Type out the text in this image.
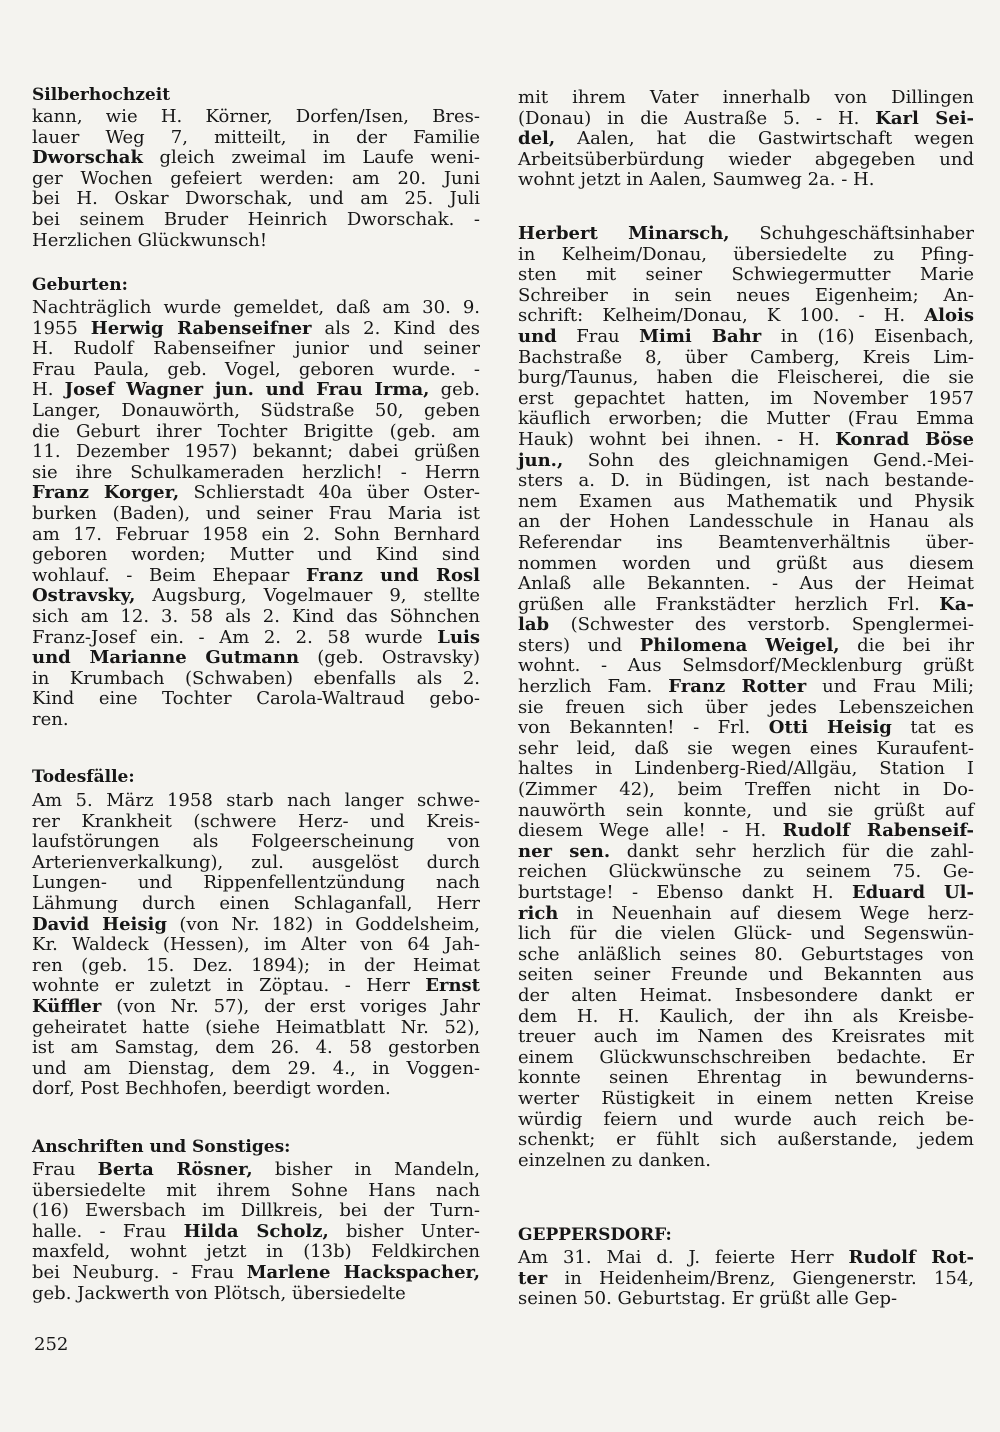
Silberhochzeit
kann, wie H. Körner, Dorfen/Isen, Bres-
lauer Weg 7, mitteilt, in der Familie
Dworschak gleich zweimal im Laufe weni-
ger Wochen gefeiert werden: am 20. Juni
bei H. Oskar Dworschak, und am 25. Juli
bei seinem Bruder Heinrich Dworschak. -
Herzlichen Glückwunsch!
Geburten:
Nachträglich wurde gemeldet, daß am 30. 9.
1955 Herwig Rabenseifner als 2. Kind des
H. Rudolf Rabenseifner junior und seiner
Frau Paula, geb. Vogel, geboren wurde. -
H. Josef Wagner jun. und Frau Irma, geb.
Langer, Donauwörth, Südstraße 50, geben
die Geburt ihrer Tochter Brigitte (geb. am
11. Dezember 1957) bekannt; dabei grüßen
sie ihre Schulkameraden herzlich! - Herrn
Franz Korger, Schlierstadt 40a über Oster-
burken (Baden), und seiner Frau Maria ist
am 17. Februar 1958 ein 2. Sohn Bernhard
geboren worden; Mutter und Kind sind
wohlauf. - Beim Ehepaar Franz und Rosl
Ostravsky, Augsburg, Vogelmauer 9, stellte
sich am 12. 3. 58 als 2. Kind das Söhnchen
Franz-Josef ein. - Am 2. 2. 58 wurde Luis
und Marianne Gutmann (geb. Ostravsky)
in Krumbach (Schwaben) ebenfalls als 2.
Kind eine Tochter Carola-Waltraud gebo-
ren.
Todesfälle:
Am 5. März 1958 starb nach langer schwe-
rer Krankheit (schwere Herz- und Kreis-
laufstörungen als Folgeerscheinung von
Arterienverkalkung), zul. ausgelöst durch
Lungen- und Rippenfellentzündung nach
Lähmung durch einen Schlaganfall, Herr
David Heisig (von Nr. 182) in Goddelsheim,
Kr. Waldeck (Hessen), im Alter von 64 Jah-
ren (geb. 15. Dez. 1894); in der Heimat
wohnte er zuletzt in Zöptau. - Herr Ernst
Küffler (von Nr. 57), der erst voriges Jahr
geheiratet hatte (siehe Heimatblatt Nr. 52),
ist am Samstag, dem 26. 4. 58 gestorben
und am Dienstag, dem 29. 4., in Voggen-
dorf, Post Bechhofen, beerdigt worden.
Anschriften und Sonstiges:
Frau Berta Rösner, bisher in Mandeln,
übersiedelte mit ihrem Sohne Hans nach
(16) Ewersbach im Dillkreis, bei der Turn-
halle. - Frau Hilda Scholz, bisher Unter-
maxfeld, wohnt jetzt in (13b) Feldkirchen
bei Neuburg. - Frau Marlene Hackspacher,
geb. Jackwerth von Plötsch, übersiedelte
mit ihrem Vater innerhalb von Dillingen
(Donau) in die Austraße 5. - H. Karl Sei-
del, Aalen, hat die Gastwirtschaft wegen
Arbeitsüberbürdung wieder abgegeben und
wohnt jetzt in Aalen, Saumweg 2a. - H.
Herbert Minarsch, Schuhgeschäftsinhaber
in Kelheim/Donau, übersiedelte zu Pfing-
sten mit seiner Schwiegermutter Marie
Schreiber in sein neues Eigenheim; An-
schrift: Kelheim/Donau, K 100. - H. Alois
und Frau Mimi Bahr in (16) Eisenbach,
Bachstraße 8, über Camberg, Kreis Lim-
burg/Taunus, haben die Fleischerei, die sie
erst gepachtet hatten, im November 1957
käuflich erworben; die Mutter (Frau Emma
Hauk) wohnt bei ihnen. - H. Konrad Böse
jun., Sohn des gleichnamigen Gend.-Mei-
sters a. D. in Büdingen, ist nach bestande-
nem Examen aus Mathematik und Physik
an der Hohen Landesschule in Hanau als
Referendar ins Beamtenverhältnis über-
nommen worden und grüßt aus diesem
Anlaß alle Bekannten. - Aus der Heimat
grüßen alle Frankstädter herzlich Frl. Ka-
lab (Schwester des verstorb. Spenglermei-
sters) und Philomena Weigel, die bei ihr
wohnt. - Aus Selmsdorf/Mecklenburg grüßt
herzlich Fam. Franz Rotter und Frau Mili;
sie freuen sich über jedes Lebenszeichen
von Bekannten! - Frl. Otti Heisig tat es
sehr leid, daß sie wegen eines Kuraufent-
haltes in Lindenberg-Ried/Allgäu, Station I
(Zimmer 42), beim Treffen nicht in Do-
nauwörth sein konnte, und sie grüßt auf
diesem Wege alle! - H. Rudolf Rabenseif-
ner sen. dankt sehr herzlich für die zahl-
reichen Glückwünsche zu seinem 75. Ge-
burtstage! - Ebenso dankt H. Eduard Ul-
rich in Neuenhain auf diesem Wege herz-
lich für die vielen Glück- und Segenswün-
sche anläßlich seines 80. Geburtstages von
seiten seiner Freunde und Bekannten aus
der alten Heimat. Insbesondere dankt er
dem H. H. Kaulich, der ihn als Kreisbe-
treuer auch im Namen des Kreisrates mit
einem Glückwunschschreiben bedachte. Er
konnte seinen Ehrentag in bewunderns-
werter Rüstigkeit in einem netten Kreise
würdig feiern und wurde auch reich be-
schenkt; er fühlt sich außerstande, jedem
einzelnen zu danken.
GEPPERSDORF:
Am 31. Mai d. J. feierte Herr Rudolf Rot-
ter in Heidenheim/Brenz, Giengenerstr. 154,
seinen 50. Geburtstag. Er grüßt alle Gep-
252
